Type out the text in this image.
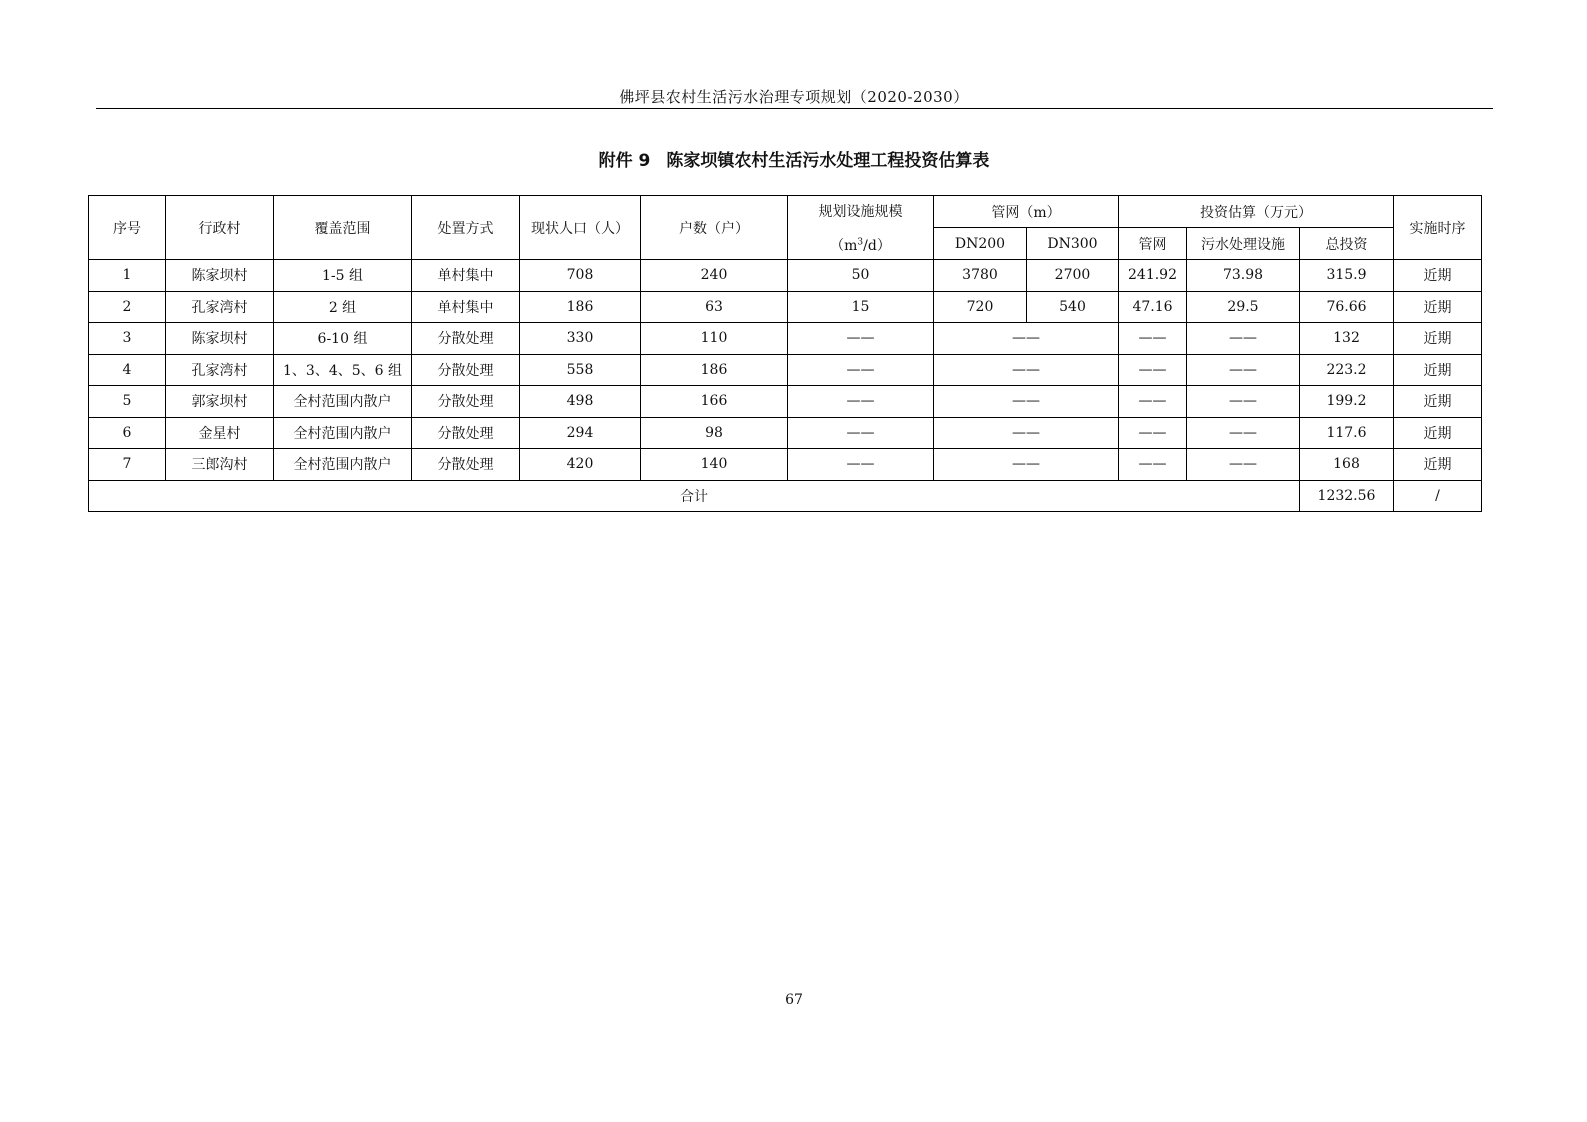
佛坪县农村生活污水治理专项规划（2020-2030）
附件 9 陈家坝镇农村生活污水处理工程投资估算表
序号	行政村	覆盖范围	处置方式	现状人口（人）	户数（户）	规划设施规模
$(m^3/d)$	管网（m）		投资估算（万元）			实施时序
							DN200	DN300	管网	污水处理设施	总投资	
1	陈家坝村	1-5 组	单村集中	708	240	50	3780	2700	241.92	73.98	315.9	近期
2	孔家湾村	2 组	单村集中	186	63	15	720	540	47.16	29.5	76.66	近期
3	陈家坝村	6-10 组	分散处理	330	110	——	——		——	——	132	近期
4	孔家湾村	1、3、4、5、6 组	分散处理	558	186	——	——		——	——	223.2	近期
5	郭家坝村	全村范围内散户	分散处理	498	166	——	——		——	——	199.2	近期
6	金星村	全村范围内散户	分散处理	294	98	——	——		——	——	117.6	近期
7	三郎沟村	全村范围内散户	分散处理	420	140	——	——		——	——	168	近期
合计											1232.56	/
67
